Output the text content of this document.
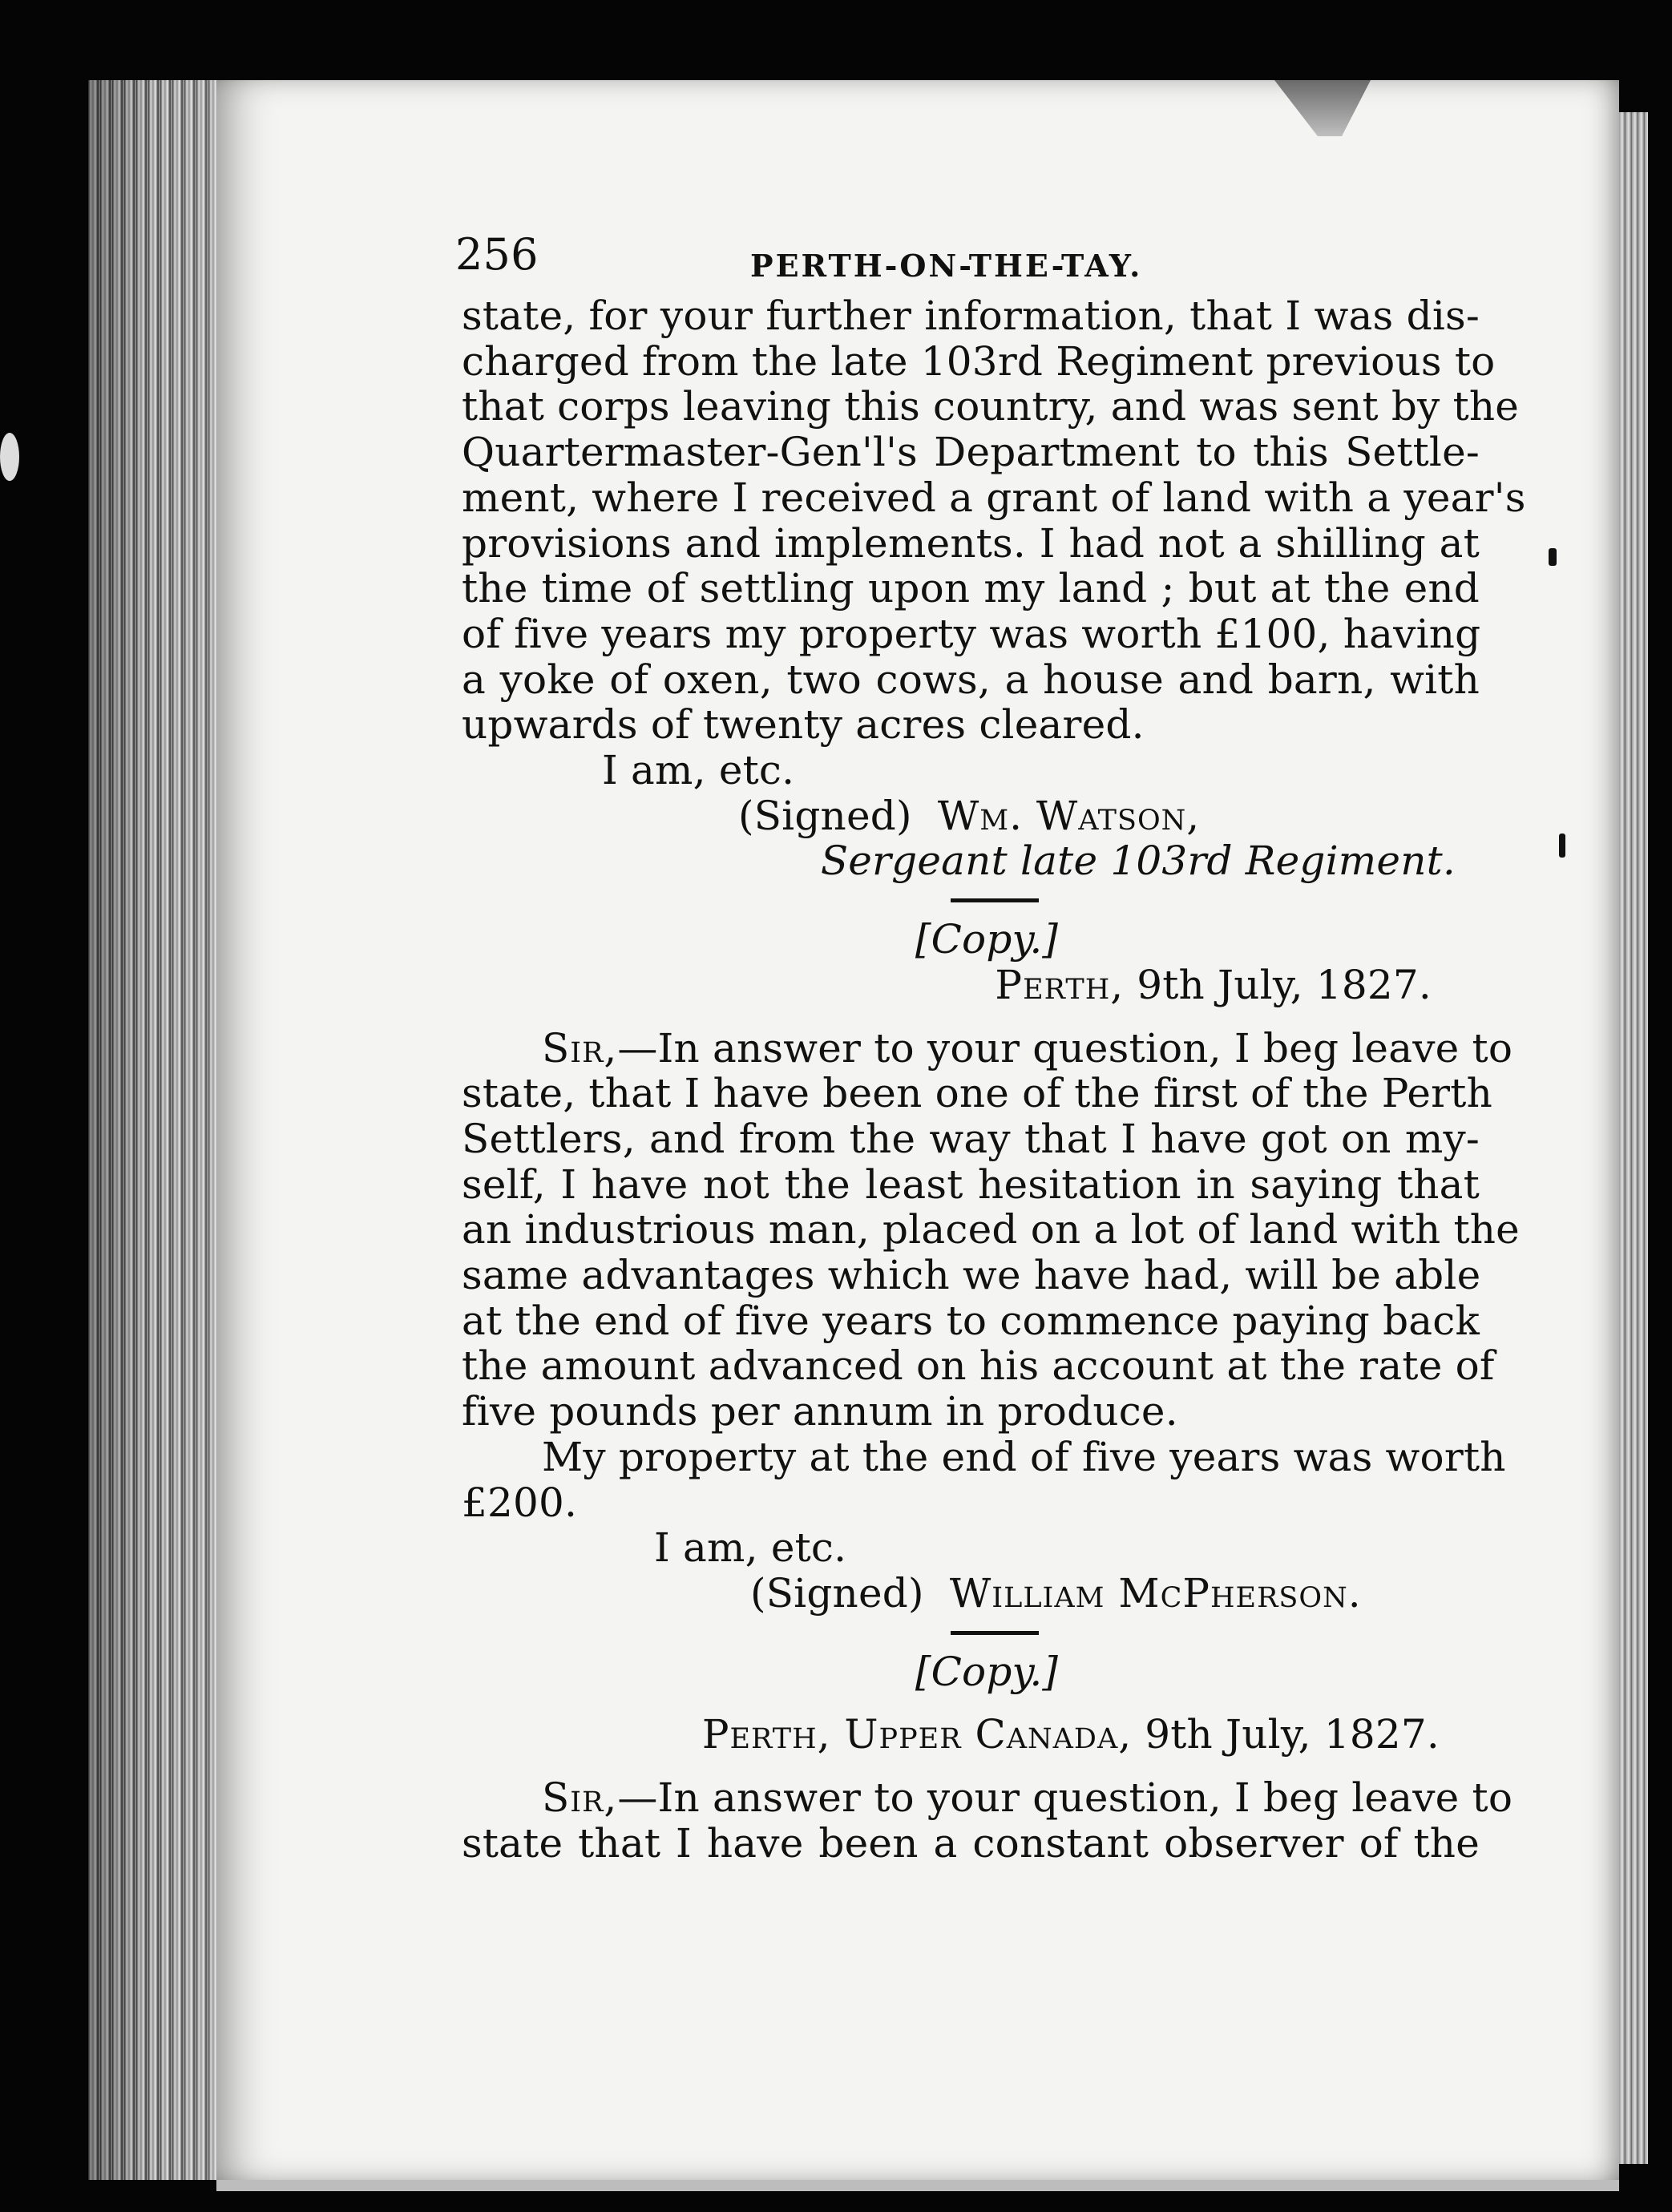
256	PERTH-ON-THE-TAY.

state, for your further information, that I was dis-

charged from the late 103rd Regiment previous to

that corps leaving this country, and was sent by the

Quartermaster-Gen'l's Department to this Settle-

ment, where I received a grant of land with a year's

provisions and implements. I had not a shilling at

the time of settling upon my land ; but at the end

of five years my property was worth £100, having

a yoke of oxen, two cows, a house and barn, with

upwards of twenty acres cleared.

I am, etc.

(Signed) Wm. Watson,

Sergeant late 103rd Regiment.

[Copy.]

Perth, 9th July, 1827.

Sir,—In answer to your question, I beg leave to

state, that I have been one of the first of the Perth

Settlers, and from the way that I have got on my-

self, I have not the least hesitation in saying that

an industrious man, placed on a lot of land with the

same advantages which we have had, will be able

at the end of five years to commence paying back

the amount advanced on his account at the rate of

five pounds per annum in produce.

My property at the end of five years was worth

£200.

I am, etc.

(Signed) William McPherson.

[Copy.]

Perth, Upper Canada, 9th July, 1827.

Sir,—In answer to your question, I beg leave to

state that I have been a constant observer of the
